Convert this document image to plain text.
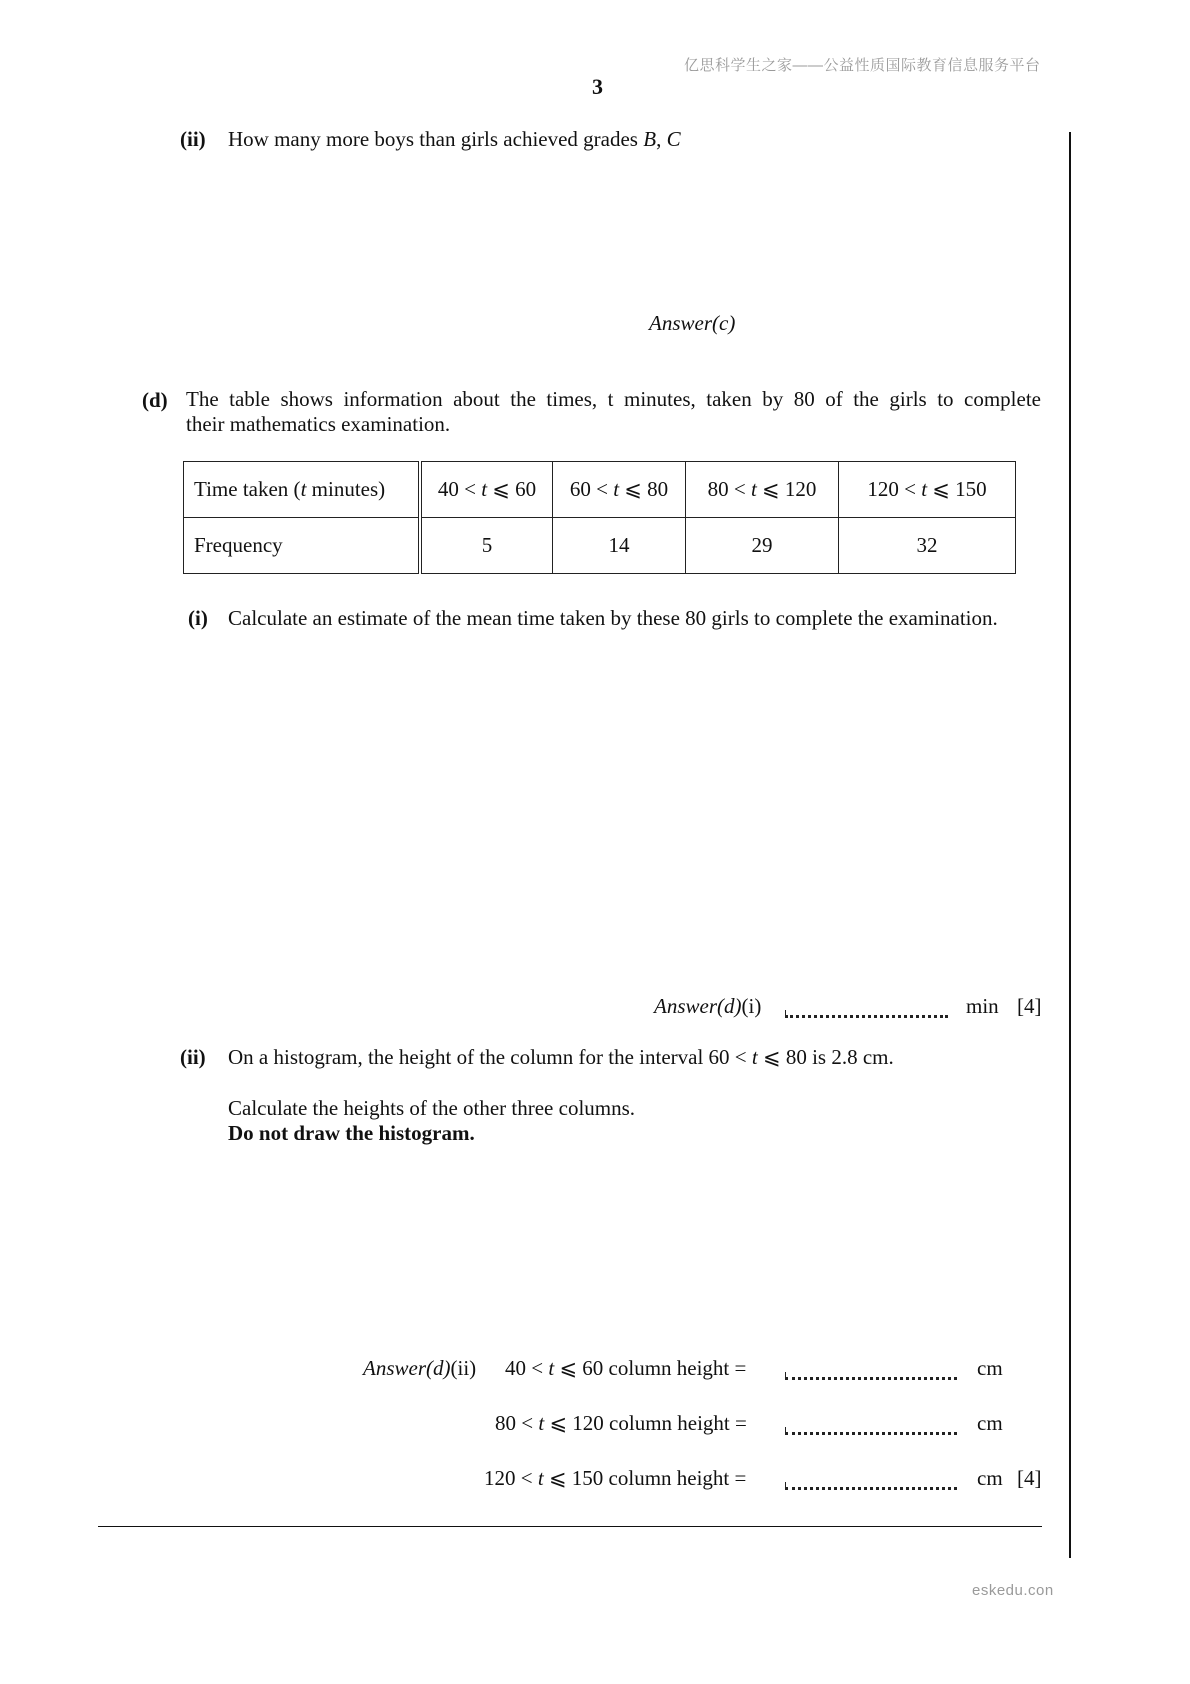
亿思科学生之家——公益性质国际教育信息服务平台
3
(ii) How many more boys than girls achieved grades B, C
Answer(c)
(d) The table shows information about the times, t minutes, taken by 80 of the girls to complete
their mathematics examination.
Time taken (t minutes)	40 < t ⩽ 60	60 < t ⩽ 80	80 < t ⩽ 120	120 < t ⩽ 150
Frequency	5	14	29	32
(i) Calculate an estimate of the mean time taken by these 80 girls to complete the examination.
Answer(d)(i)	min [4]
(ii) On a histogram, the height of the column for the interval 60 < t ⩽ 80 is 2.8 cm.
Calculate the heights of the other three columns.
Do not draw the histogram.
Answer(d)(ii) 40 < t ⩽ 60 column height =	cm
80 < t ⩽ 120 column height =	cm
120 < t ⩽ 150 column height =	cm [4]
eskedu.con
